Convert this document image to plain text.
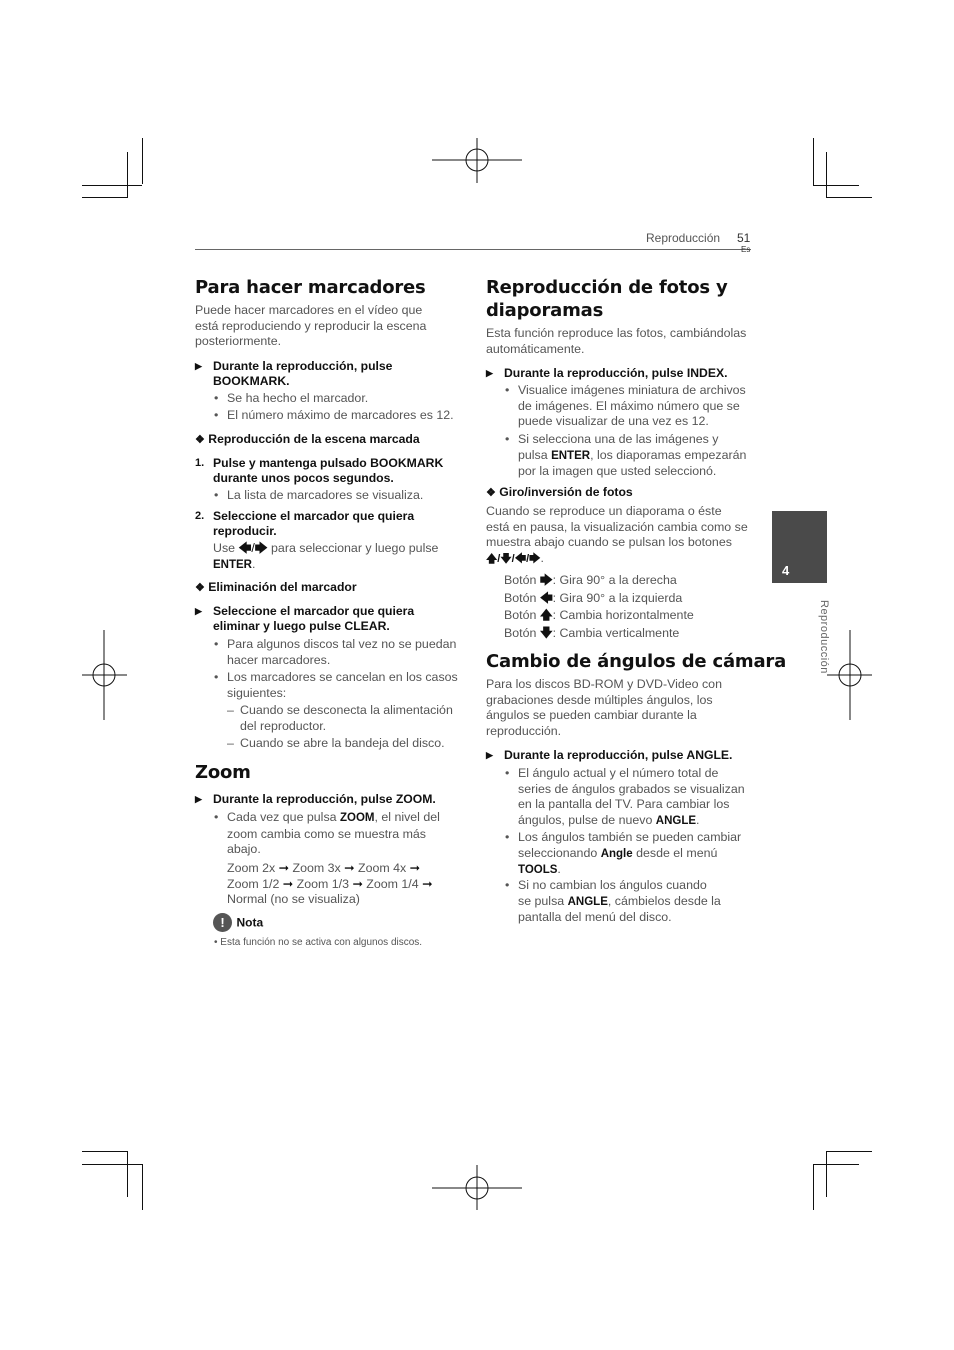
Reproducción 51
Es
4
Reproducción
Para hacer marcadores

Puede hacer marcadores en el vídeo que está reproduciendo y reproducir la escena posteriormente.

▶ Durante la reproducción, pulse
BOOKMARK.
• Se ha hecho el marcador.
• El número máximo de marcadores es 12.
❖ Reproducción de la escena marcada
1. Pulse y mantenga pulsado BOOKMARK
durante unos pocos segundos.
• La lista de marcadores se visualiza.
2. Seleccione el marcador que quiera
reproducir.
Use 🡄/🡆 para seleccionar y luego pulse
ENTER.
❖ Eliminación del marcador
▶ Seleccione el marcador que quiera
eliminar y luego pulse CLEAR.
• Para algunos discos tal vez no se puedan
hacer marcadores.
• Los marcadores se cancelan en los casos
siguientes:
– Cuando se desconecta la alimentación
del reproductor.
– Cuando se abre la bandeja del disco.
Zoom
▶ Durante la reproducción, pulse ZOOM.
• Cada vez que pulsa ZOOM, el nivel del
zoom cambia como se muestra más
abajo.
Zoom 2x ➞ Zoom 3x ➞ Zoom 4x ➞
Zoom 1/2 ➞ Zoom 1/3 ➞ Zoom 1/4 ➞
Normal (no se visualiza)
! Nota
• Esta función no se activa con algunos discos.
Reproducción de fotos y
diaporamas

Esta función reproduce las fotos, cambiándolas automáticamente.

▶ Durante la reproducción, pulse INDEX.
• Visualice imágenes miniatura de archivos
de imágenes. El máximo número que se
puede visualizar de una vez es 12.
• Si selecciona una de las imágenes y
pulsa ENTER, los diaporamas empezarán
por la imagen que usted seleccionó.
❖ Giro/inversión de fotos
Cuando se reproduce un diaporama o éste
está en pausa, la visualización cambia como se
muestra abajo cuando se pulsan los botones
🡅/🡇/🡄/🡆.
Botón 🡆: Gira 90° a la derecha
Botón 🡄: Gira 90° a la izquierda
Botón 🡅: Cambia horizontalmente
Botón 🡇: Cambia verticalmente
Cambio de ángulos de cámara

Para los discos BD-ROM y DVD-Video con grabaciones desde múltiples ángulos, los ángulos se pueden cambiar durante la reproducción.

▶ Durante la reproducción, pulse ANGLE.
• El ángulo actual y el número total de
series de ángulos grabados se visualizan
en la pantalla del TV. Para cambiar los
ángulos, pulse de nuevo ANGLE.
• Los ángulos también se pueden cambiar
seleccionando Angle desde el menú
TOOLS.
• Si no cambian los ángulos cuando
se pulsa ANGLE, cámbielos desde la
pantalla del menú del disco.
